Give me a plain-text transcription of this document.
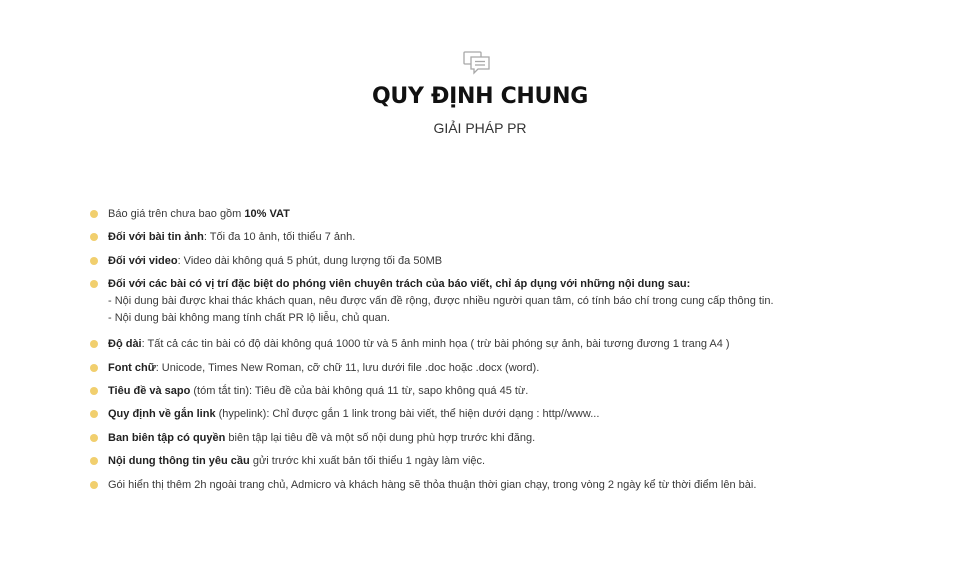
QUY ĐỊNH CHUNG
GIẢI PHÁP PR
Báo giá trên chưa bao gồm 10% VAT
Đối với bài tin ảnh: Tối đa 10 ảnh, tối thiểu 7 ảnh.
Đối với video: Video dài không quá 5 phút, dung lượng tối đa 50MB
Đối với các bài có vị trí đặc biệt do phóng viên chuyên trách của báo viết, chỉ áp dụng với những nội dung sau:
- Nội dung bài được khai thác khách quan, nêu được vấn đề rộng, được nhiều người quan tâm, có tính báo chí trong cung cấp thông tin.
- Nội dung bài không mang tính chất PR lộ liễu, chủ quan.
Độ dài: Tất cả các tin bài có độ dài không quá 1000 từ và 5 ảnh minh họa ( trừ bài phóng sự ảnh, bài tương đương 1 trang A4 )
Font chữ: Unicode, Times New Roman, cỡ chữ 11, lưu dưới file .doc hoặc .docx (word).
Tiêu đề và sapo (tóm tắt tin): Tiêu đề của bài không quá 11 từ, sapo không quá 45 từ.
Quy định về gắn link (hypelink): Chỉ được gắn 1 link trong bài viết, thể hiện dưới dạng : http//www...
Ban biên tập có quyền biên tập lại tiêu đề và một số nội dung phù hợp trước khi đăng.
Nội dung thông tin yêu cầu gửi trước khi xuất bản tối thiểu 1 ngày làm việc.
Gói hiển thị thêm 2h ngoài trang chủ, Admicro và khách hàng sẽ thỏa thuận thời gian chạy, trong vòng 2 ngày kể từ thời điểm lên bài.
